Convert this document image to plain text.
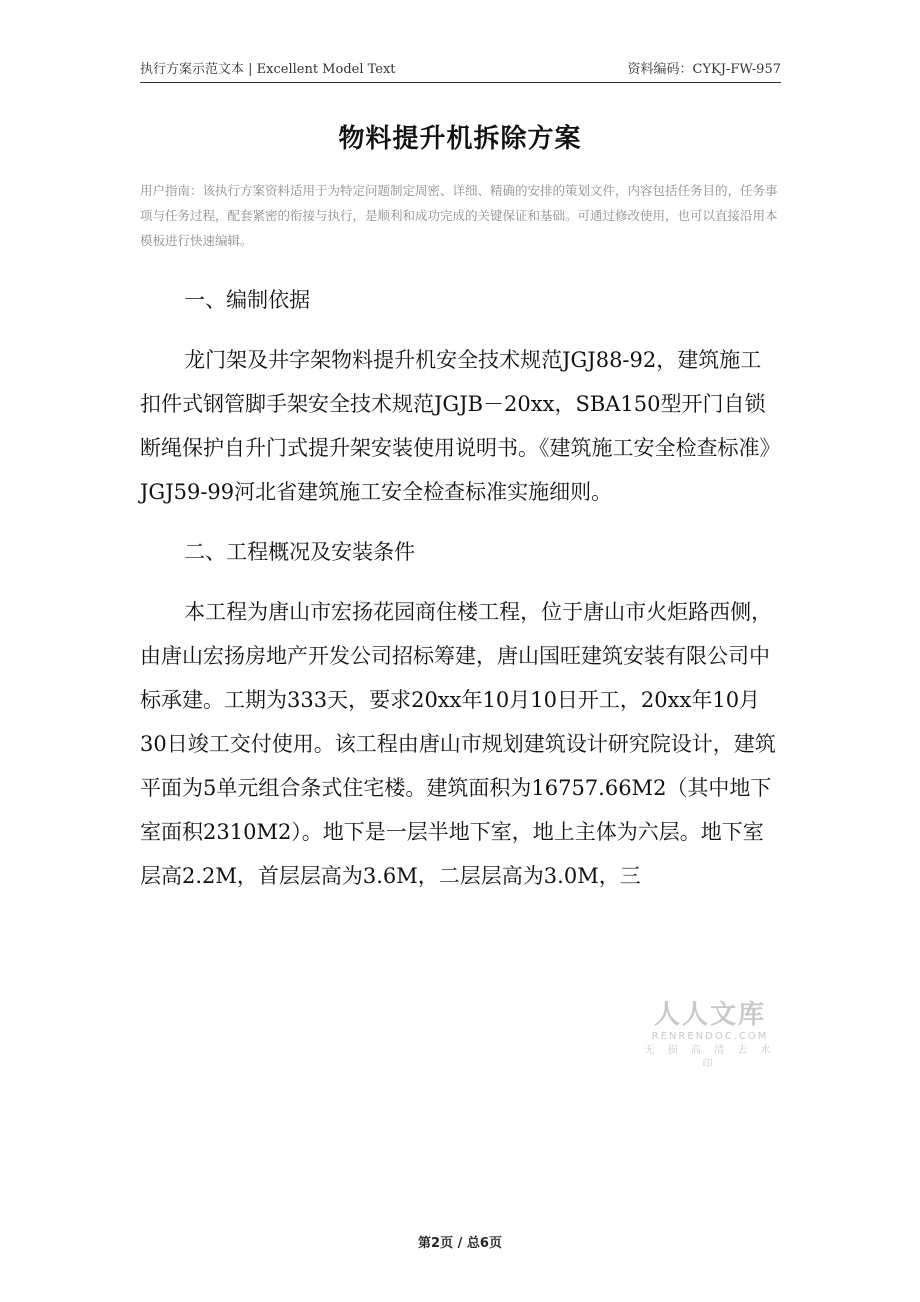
执行方案示范文本 | Excellent Model Text	资料编码：CYKJ-FW-957
物料提升机拆除方案
用户指南：该执行方案资料适用于为特定问题制定周密、详细、精确的安排的策划文件，内容包括任务目的，任务事项与任务过程，配套紧密的衔接与执行，是顺利和成功完成的关键保证和基础。可通过修改使用，也可以直接沿用本模板进行快速编辑。

一、编制依据

龙门架及井字架物料提升机安全技术规范JGJ88-92，建筑施工扣件式钢管脚手架安全技术规范JGJB－20xx，SBA150型开门自锁断绳保护自升门式提升架安装使用说明书。《建筑施工安全检查标准》JGJ59-99河北省建筑施工安全检查标准实施细则。

二、工程概况及安装条件

本工程为唐山市宏扬花园商住楼工程，位于唐山市火炬路西侧，由唐山宏扬房地产开发公司招标筹建，唐山国旺建筑安装有限公司中标承建。工期为333天，要求20xx年10月10日开工，20xx年10月30日竣工交付使用。该工程由唐山市规划建筑设计研究院设计，建筑平面为5单元组合条式住宅楼。建筑面积为16757.66M2（其中地下室面积2310M2）。地下是一层半地下室，地上主体为六层。地下室层高2.2M，首层层高为3.6M，二层层高为3.0M，三

人人文库
RENRENDOC.COM
无 损 高 清 去 水 印
第2页 / 总6页
